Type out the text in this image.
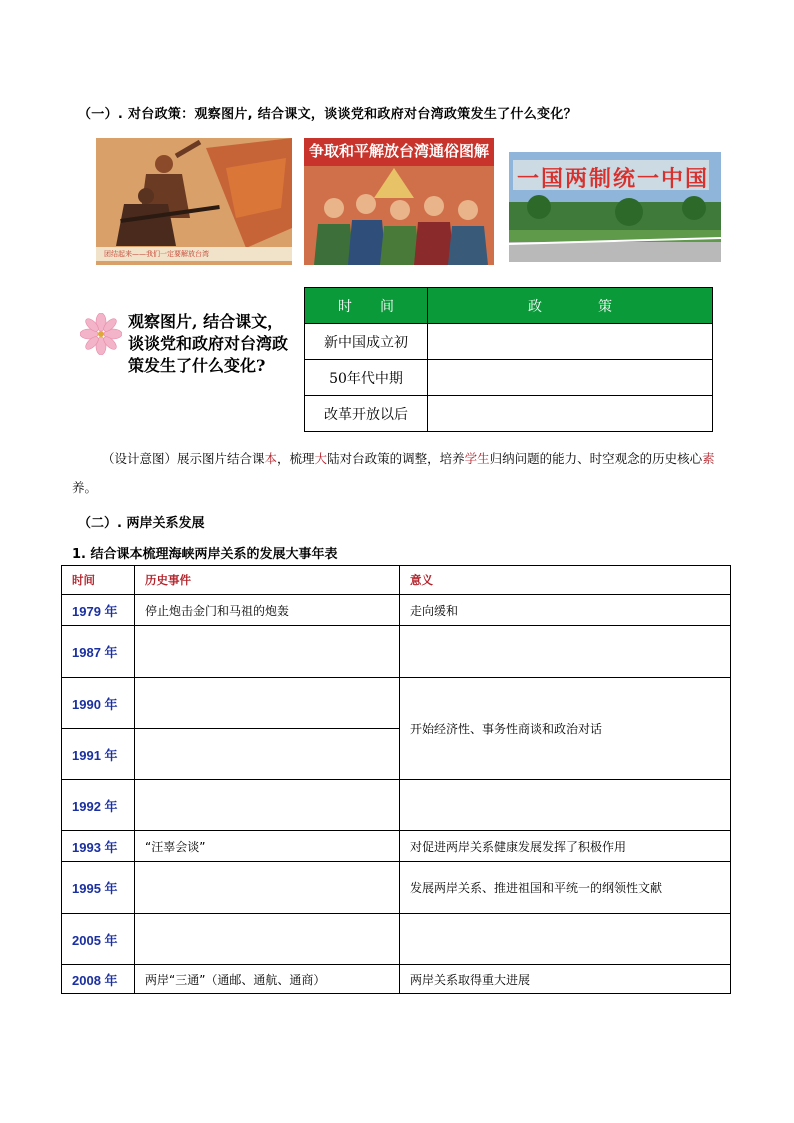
（一）. 对台政策：观察图片, 结合课文，谈谈党和政府对台湾政策发生了什么变化？
团结起来——我们一定要解放台湾
争取和平解放台湾通俗图解
一国两制统一中国
观察图片, 结合课文，谈谈党和政府对台湾政策发生了什么变化?
时　　间	政　　　　策
新中国成立初	
50年代中期	
改革开放以后	
（设计意图）展示图片结合课本，梳理大陆对台政策的调整，培养学生归纳问题的能力、时空观念的历史核心素养。
（二）. 两岸关系发展
1. 结合课本梳理海峡两岸关系的发展大事年表
时间	历史事件	意义
1979 年	停止炮击金门和马祖的炮轰	走向缓和
1987 年		
1990 年		开始经济性、事务性商谈和政治对话
1991 年		
1992 年		
1993 年	“汪辜会谈”	对促进两岸关系健康发展发挥了积极作用
1995 年		发展两岸关系、推进祖国和平统一的纲领性文献
2005 年		
2008 年	两岸“三通”（通邮、通航、通商）	两岸关系取得重大进展
